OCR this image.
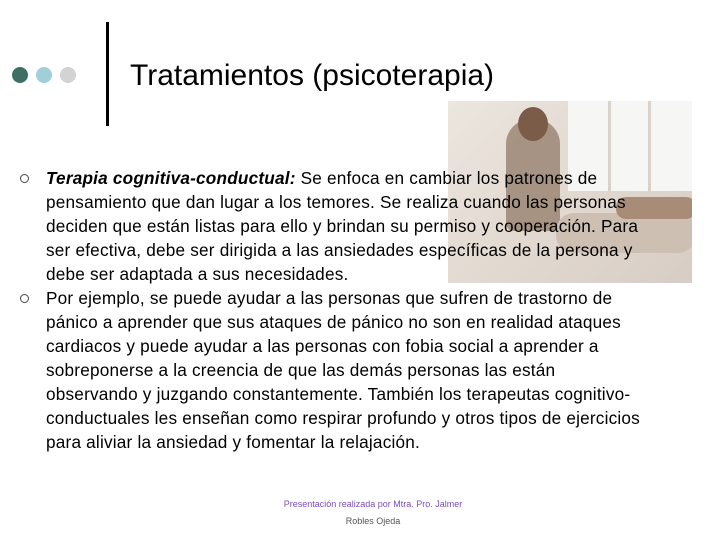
Tratamientos (psicoterapia)

Terapia cognitiva-conductual: Se enfoca en cambiar los patrones de pensamiento que dan lugar a los temores. Se realiza cuando las personas deciden que están listas para ello y brindan su permiso y cooperación. Para ser efectiva, debe ser dirigida a las ansiedades específicas de la persona y debe ser adaptada a sus necesidades.

Por ejemplo, se puede ayudar a las personas que sufren de trastorno de pánico a aprender que sus ataques de pánico no son en realidad ataques cardiacos y puede ayudar a las personas con fobia social a aprender a sobreponerse a la creencia de que las demás personas las están observando y juzgando constantemente. También los terapeutas cognitivo-conductuales les enseñan como respirar profundo y otros tipos de ejercicios para aliviar la ansiedad y fomentar la relajación.

Presentación realizada por Mtra. Pro. Jalmer
Robles Ojeda
